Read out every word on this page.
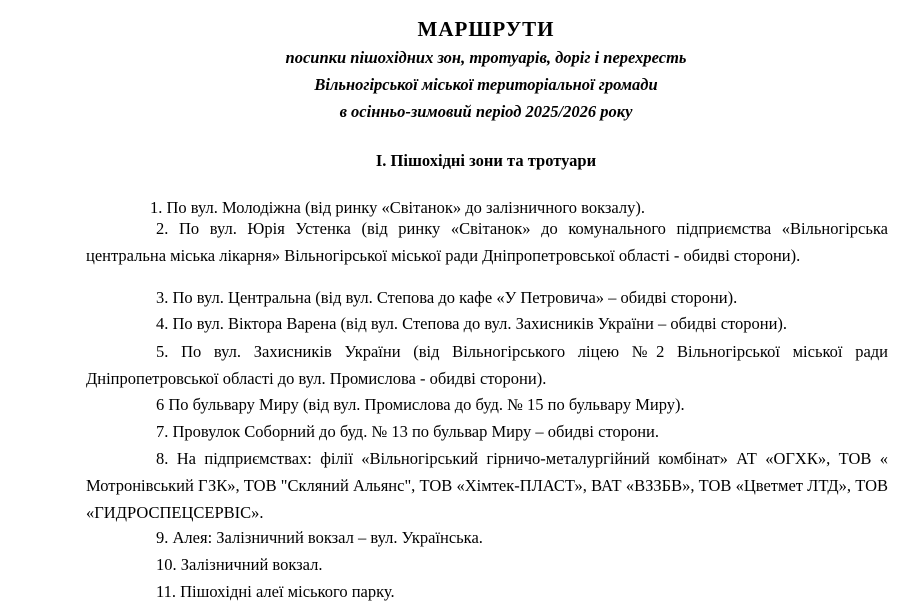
МАРШРУТИ
посипки пішохідних зон, тротуарів, доріг і перехресть
Вільногірської міської територіальної громади
в осінньо-зимовий період 2025/2026 року
І. Пішохідні зони та тротуари
1. По вул. Молодіжна (від ринку «Світанок» до залізничного вокзалу).
2. По вул. Юрія Устенка (від ринку «Світанок» до комунального підприємства «Вільногірська центральна міська лікарня» Вільногірської міської ради Дніпропетровської області - обидві сторони).
3. По вул. Центральна (від вул. Степова до кафе «У Петровича» – обидві сторони).
4. По вул. Віктора Варена (від вул. Степова до вул. Захисників України – обидві сторони).
5. По вул. Захисників України (від Вільногірського ліцею №2 Вільногірської міської ради Дніпропетровської області до вул. Промислова - обидві сторони).
6 По бульвару Миру (від вул. Промислова до буд. № 15 по бульвару Миру).
7. Провулок Соборний до буд. № 13 по бульвар Миру – обидві сторони.
8. На підприємствах: філії «Вільногірський гірничо-металургійний комбінат» АТ «ОГХК», ТОВ « Мотронівський ГЗК», ТОВ "Скляний Альянс", ТОВ «Хімтек-ПЛАСТ», ВАТ «ВЗЗБВ», ТОВ «Цветмет ЛТД», ТОВ «ГИДРОСПЕЦСЕРВІС».
9. Алея: Залізничний вокзал – вул. Українська.
10. Залізничний вокзал.
11. Пішохідні алеї міського парку.
